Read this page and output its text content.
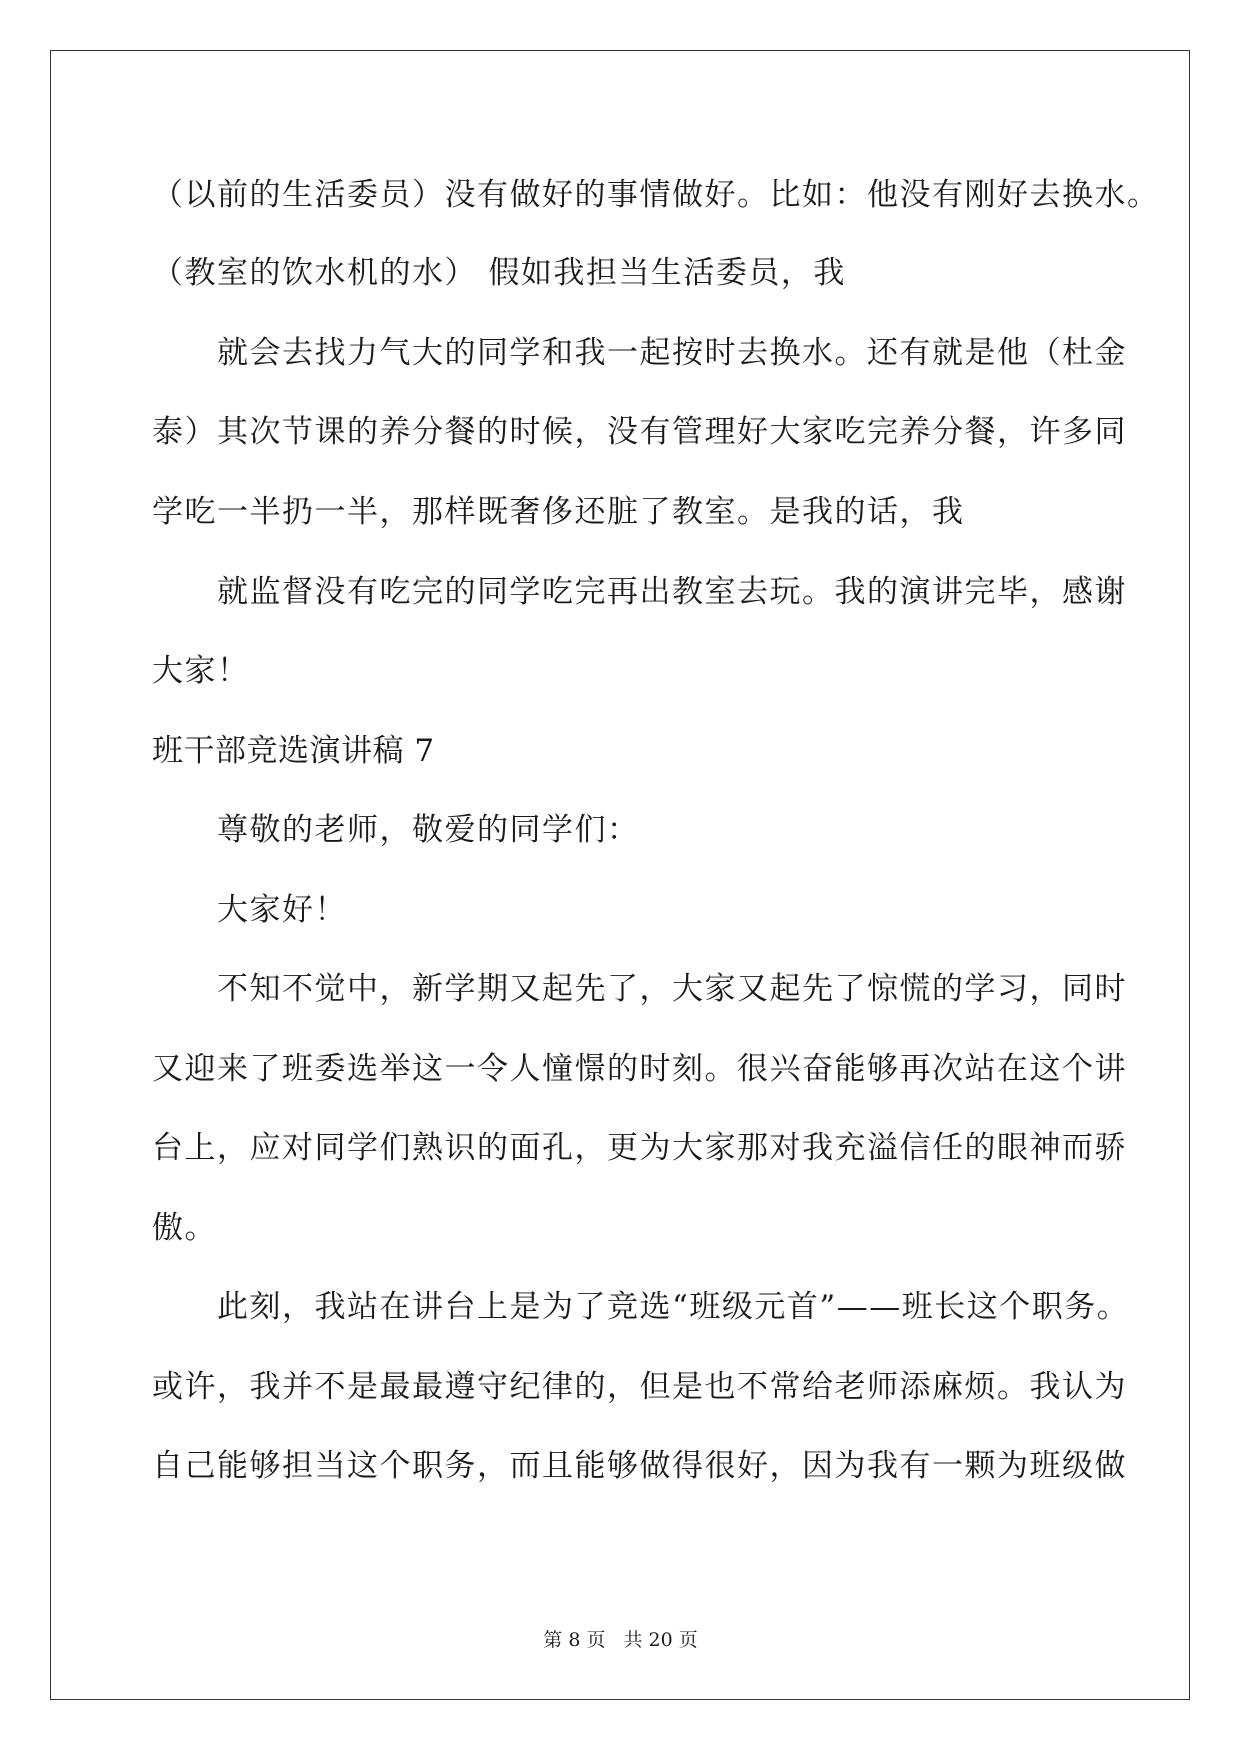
（以前的生活委员）没有做好的事情做好。比如：他没有刚好去换水。

（教室的饮水机的水） 假如我担当生活委员，我

　　就会去找力气大的同学和我一起按时去换水。还有就是他（杜金

泰）其次节课的养分餐的时候，没有管理好大家吃完养分餐，许多同

学吃一半扔一半，那样既奢侈还脏了教室。是我的话，我

　　就监督没有吃完的同学吃完再出教室去玩。我的演讲完毕，感谢

大家！

班干部竞选演讲稿 7

　　尊敬的老师，敬爱的同学们：

　　大家好！

　　不知不觉中，新学期又起先了，大家又起先了惊慌的学习，同时

又迎来了班委选举这一令人憧憬的时刻。很兴奋能够再次站在这个讲

台上，应对同学们熟识的面孔，更为大家那对我充溢信任的眼神而骄

傲。

　　此刻，我站在讲台上是为了竞选“班级元首”——班长这个职务。

或许，我并不是最最遵守纪律的，但是也不常给老师添麻烦。我认为

自己能够担当这个职务，而且能够做得很好，因为我有一颗为班级做

第 8 页 共 20 页
